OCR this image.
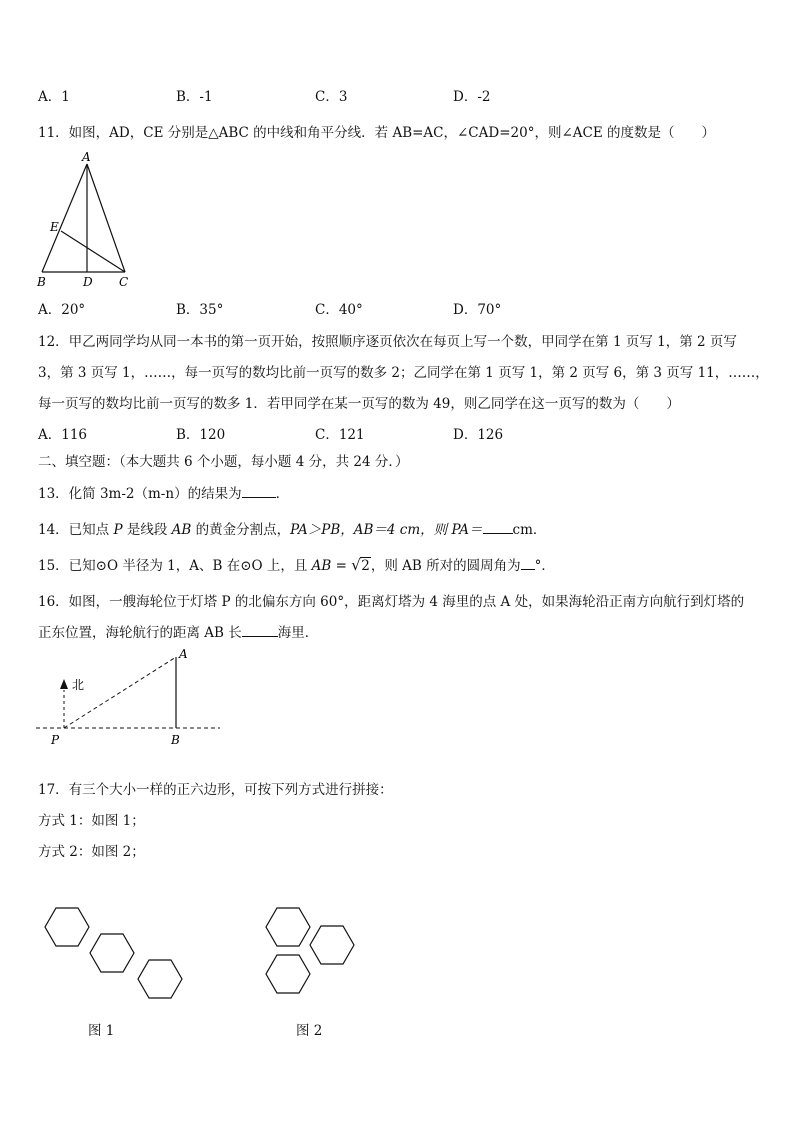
A．1	B．-1	C．3	D．-2
11．如图，AD，CE 分别是△ABC 的中线和角平分线．若 AB=AC，∠CAD=20°，则∠ACE 的度数是（　　）
A
E
B	D C
A．20°	B．35°	C．40°	D．70°
12．甲乙两同学均从同一本书的第一页开始，按照顺序逐页依次在每页上写一个数，甲同学在第 1 页写 1，第 2 页写
3，第 3 页写 1，……，每一页写的数均比前一页写的数多 2；乙同学在第 1 页写 1，第 2 页写 6，第 3 页写 11，……，
每一页写的数均比前一页写的数多 1．若甲同学在某一页写的数为 49，则乙同学在这一页写的数为（　　）
A．116	B．120	C．121	D．126
二、填空题：（本大题共 6 个小题，每小题 4 分，共 24 分．）
13．化简 3m-2（m-n）的结果为	．
14．已知点 P 是线段 AB 的黄金分割点，PA＞PB，AB＝4 cm，则 PA＝ cm．
15．已知⊙O 半径为 1，A、B 在⊙O 上，且 AB = √ 2，则 AB 所对的圆周角为 °．
16．如图，一艘海轮位于灯塔 P 的北偏东方向 60°，距离灯塔为 4 海里的点 A 处，如果海轮沿正南方向航行到灯塔的
正东位置，海轮航行的距离 AB 长	海里．
北
A
P	B
17．有三个大小一样的正六边形，可按下列方式进行拼接：
方式 1：如图 1；
方式 2：如图 2；
图 1	图 2
